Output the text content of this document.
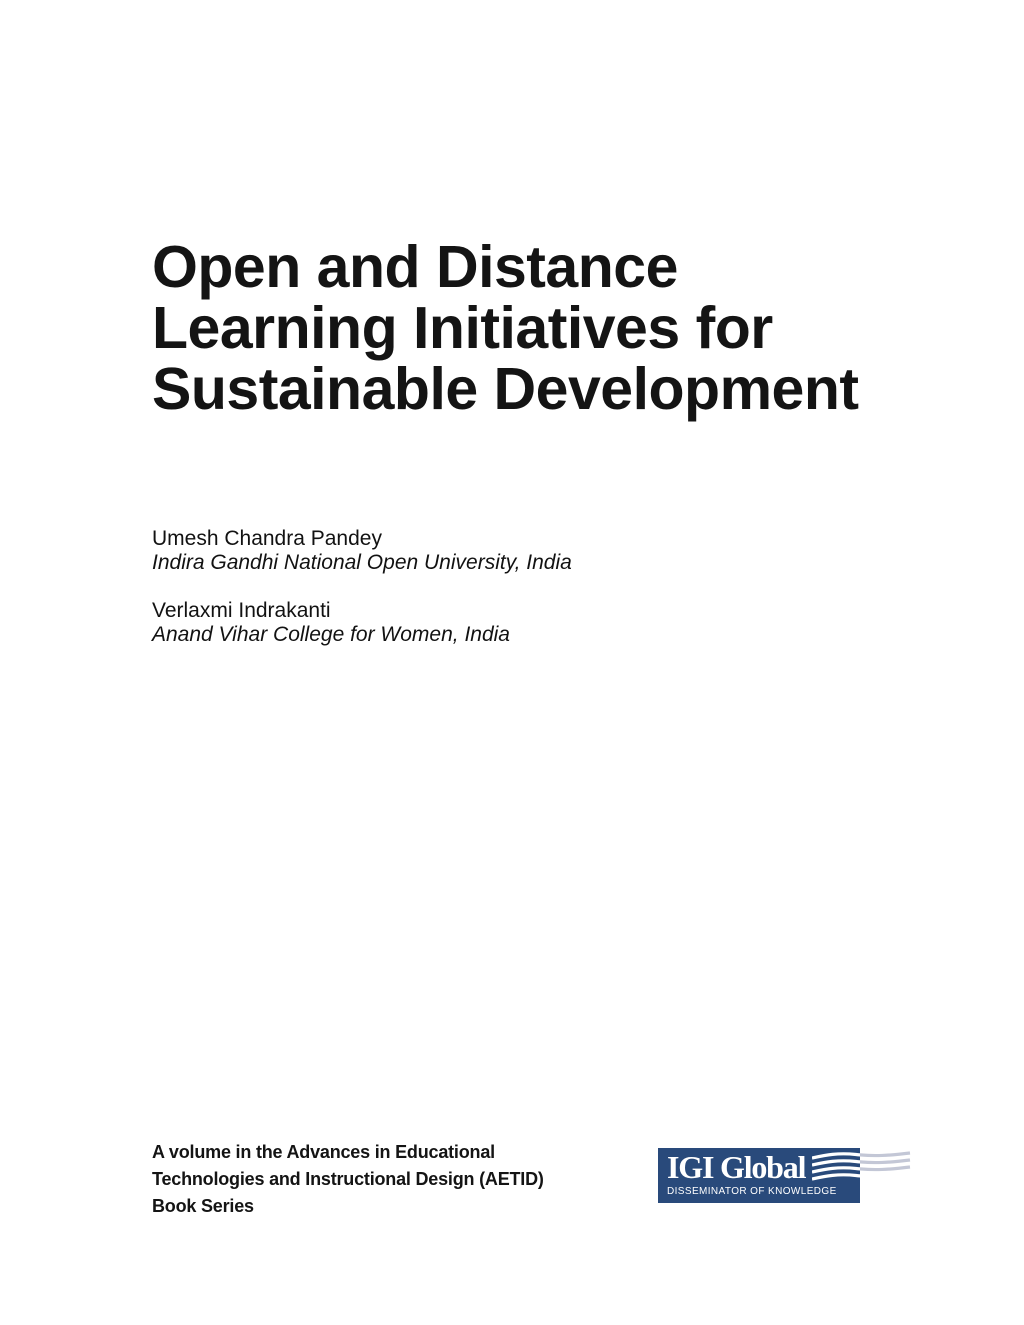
Open and Distance
Learning Initiatives for
Sustainable Development
Umesh Chandra Pandey
Indira Gandhi National Open University, India
Verlaxmi Indrakanti
Anand Vihar College for Women, India
A volume in the Advances in Educational
Technologies and Instructional Design (AETID)
Book Series
IGI Global
DISSEMINATOR OF KNOWLEDGE
